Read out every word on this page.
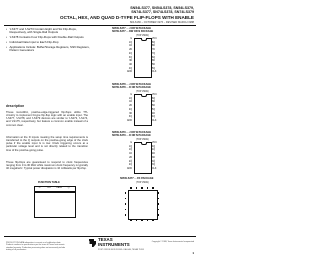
SN54LS377, SN54LS378, SN54LS379,
SN74LS377, SN74LS378, SN74LS379
OCTAL, HEX, AND QUAD D-TYPE FLIP-FLOPS WITH ENABLE
SDLS166 – OCTOBER 1976 – REVISED MARCH 1988
• 'LS377 and 'LS273 Contain Eight and Six Flip-Flops, Respectively, with Single-Rail Outputs
• 'LS378 Contains Four Flip-Flops with Double-Rail Outputs
• Individual Data Input to Each Flip-Flop
• Applications Include: Buffer/Storage Registers, Shift Registers, Pattern Generators
description

These monolithic, positive-edge-triggered flip-flops utilize TTL circuitry to implement D-type flip-flop logic with an enable input. The 'LS377, 'LS378, and 'LS379 devices are similar to 'LS273, 'LS174, and 'LS175, respectively, but feature a common enable instead of a common clear.

Information at the D inputs meeting the setup time requirements is transferred to the Q outputs on the positive-going edge of the clock pulse if the enable input G is low. Clock triggering occurs at a particular voltage level and is not directly related to the transition time of the positive-going pulse.

These flip-flops are guaranteed to respond to clock frequencies ranging from 0 to 30 MHz while maximum clock frequency is typically 40 megahertz. Typical power dissipation is 10 milliwatts per flip-flop.

SN54LS377 ... J OR W PACKAGE
SN74LS377 ... DW OR N PACKAGE
(TOP VIEW)
G
1Q
1D
2D
2Q
3Q
3D
4D
4Q
GND
VCC
8Q
8D
7D
7Q
6Q
6D
5D
5Q
CLK
SN54LS378 ... J OR W PACKAGE
SN74LS378 ... D OR N PACKAGE
(TOP VIEW)
G
1Q
1D
2D
2Q
3D
3Q
GND
VCC
6Q
6D
5D
5Q
4D
4Q
CLK
SN54LS379 ... J OR W PACKAGE
SN74LS379 ... D OR N PACKAGE
(TOP VIEW)
G
1Q
1Q̄
1D
2D
2Q̄
2Q
GND
VCC
4Q
4Q̄
4D
3D
3Q̄
3Q
CLK
SN54LS377 ... FK PACKAGE
(TOP VIEW)
FUNCTION TABLE
G	CLK	DATA	Q
PRODUCTION DATA information is current as of publication date. Products conform to specifications per the terms of Texas Instruments standard warranty. Production processing does not necessarily include testing of all parameters.
TEXAS
INSTRUMENTS
POST OFFICE BOX 655303 • DALLAS, TEXAS 75265
Copyright © 1988, Texas Instruments Incorporated
1
